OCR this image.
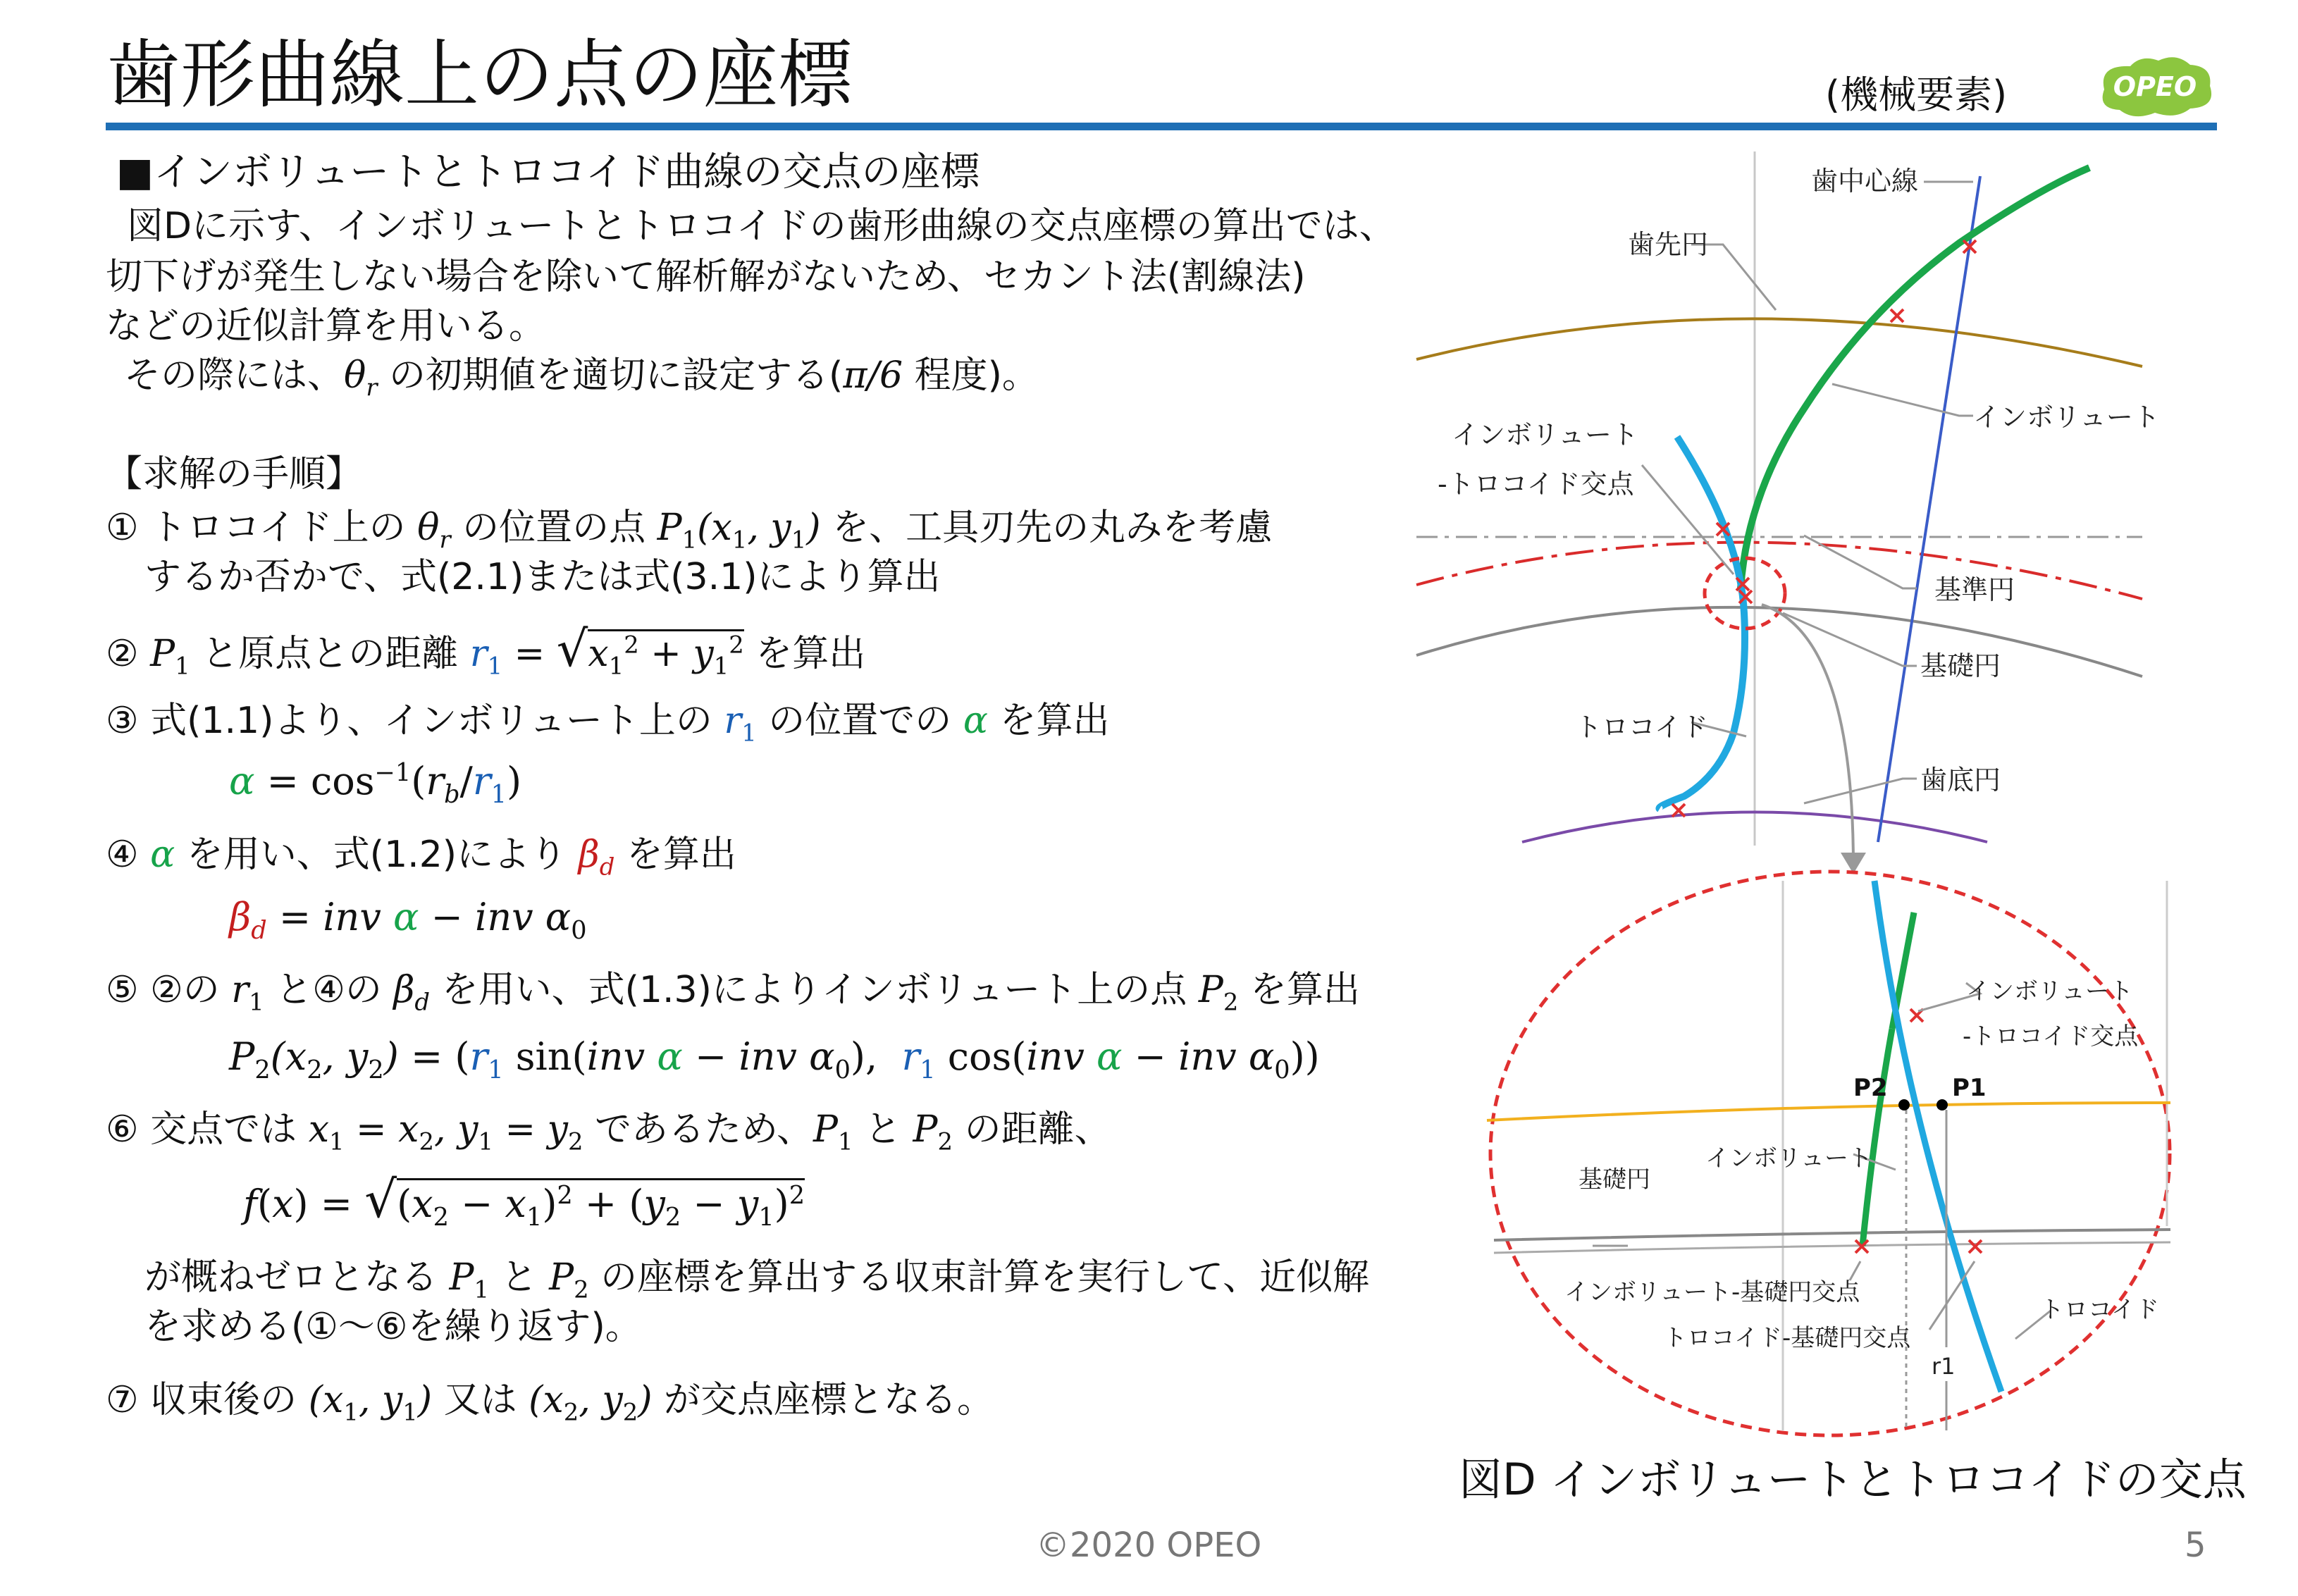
歯形曲線上の点の座標	(機械要素)	OPEO
■インボリュートとトロコイド曲線の交点の座標
図Dに示す、インボリュートとトロコイドの歯形曲線の交点座標の算出では、
切下げが発生しない場合を除いて解析解がないため、セカント法(割線法)
などの近似計算を用いる。
その際には、$\theta_r$ の初期値を適切に設定する(π/6 程度)。
【求解の手順】
① トロコイド上の $\theta_r$ の位置の点 $P_1(x_1$, $y_1$) を、工具刃先の丸みを考慮
するか否かで、式(2.1)または式(3.1)により算出
② $P_1$ と原点との距離 $r_1 = √x_1^2 + y_1^2$ を算出
③ 式(1.1)より、インボリュート上の $r_1$ の位置での α を算出
$\alpha = \cos^{-1}(r_b/r_1)$
④ α を用い、式(1.2)により $\beta_d$ を算出
$\beta_d$ = inv α − inv $\alpha_0$
⑤ ②の $r_1$ と④の $\beta_d$ を用い、式(1.3)によりインボリュート上の点 $P_2$ を算出
$P_2(x_2$, $y_2) = (r_1$ sin(inv α − inv $\alpha_0$),  $r_1$ cos(inv α − inv $\alpha_0$))
⑥ 交点では $x_1 = x_2$, $y_1 = y_2$ であるため、$P_1$ と $P_2$ の距離、
$f(x) = √(x_2 - x_1)^2 + (y_2 - y_1)^2$
が概ねゼロとなる $P_1$ と $P_2$ の座標を算出する収束計算を実行して、近似解
を求める(①～⑥を繰り返す)。
⑦ 収束後の ($x_1$, $y_1$) 又は ($x_2$, $y_2$) が交点座標となる。
歯中心線
歯先円
インボリュート
インボリュート
-トロコイド交点
基準円
基礎円
トロコイド
歯底円
インボリュート
-トロコイド交点
P2	P1
インボリュート
基礎円
インボリュート-基礎円交点
トロコイド-基礎円交点
トロコイド
r1
図D インボリュートとトロコイドの交点
©2020 OPEO	5
